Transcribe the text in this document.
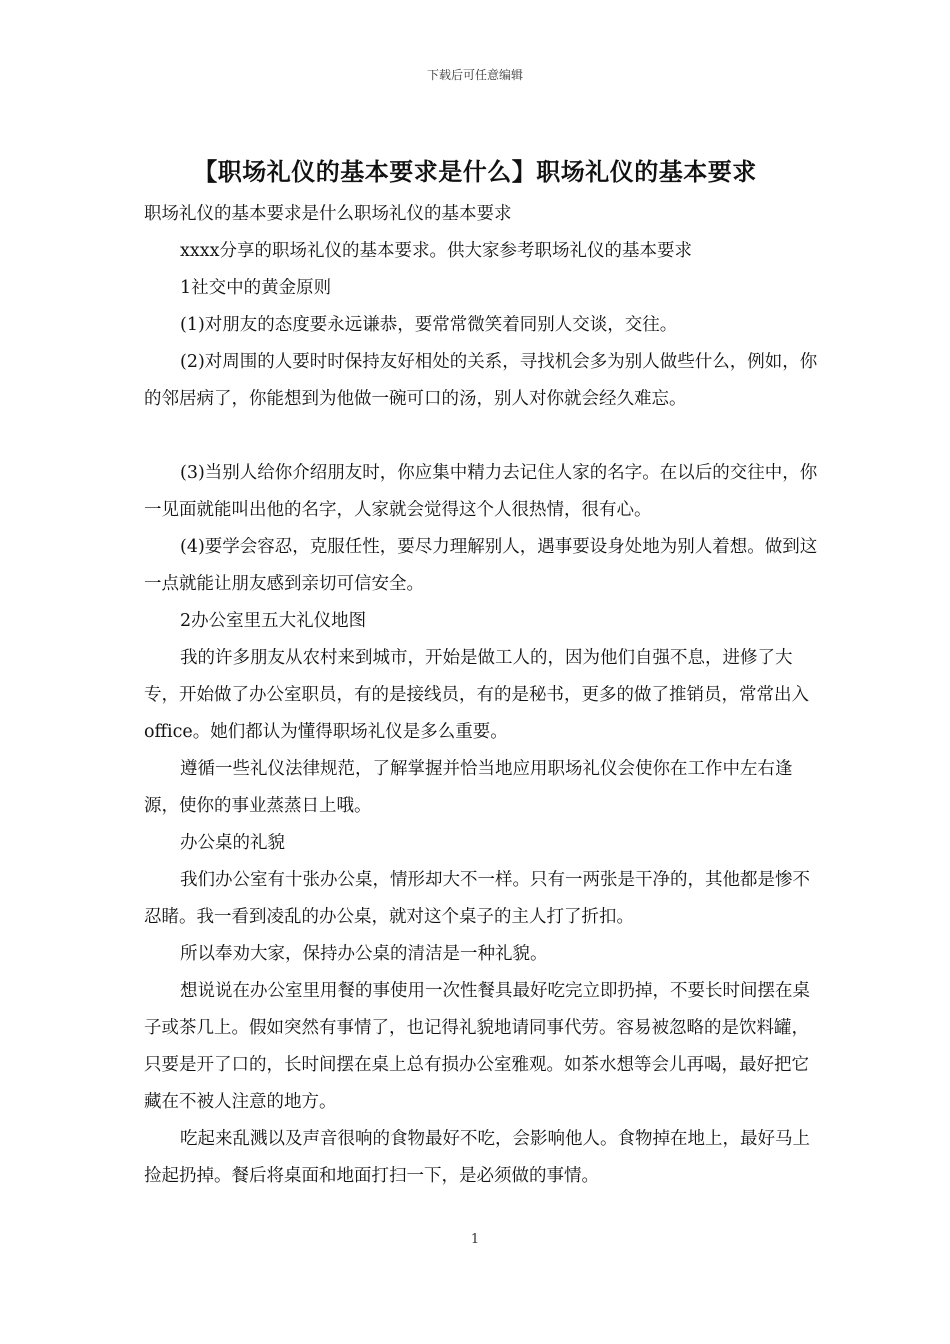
下载后可任意编辑
【职场礼仪的基本要求是什么】职场礼仪的基本要求

职场礼仪的基本要求是什么职场礼仪的基本要求

xxxx分享的职场礼仪的基本要求。供大家参考职场礼仪的基本要求

1社交中的黄金原则

(1)对朋友的态度要永远谦恭，要常常微笑着同别人交谈，交往。

(2)对周围的人要时时保持友好相处的关系，寻找机会多为别人做些什么，例如，你的邻居病了，你能想到为他做一碗可口的汤，别人对你就会经久难忘。

(3)当别人给你介绍朋友时，你应集中精力去记住人家的名字。在以后的交往中，你一见面就能叫出他的名字，人家就会觉得这个人很热情，很有心。

(4)要学会容忍，克服任性，要尽力理解别人，遇事要设身处地为别人着想。做到这一点就能让朋友感到亲切可信安全。

2办公室里五大礼仪地图

我的许多朋友从农村来到城市，开始是做工人的，因为他们自强不息，进修了大专，开始做了办公室职员，有的是接线员，有的是秘书，更多的做了推销员，常常出入office。她们都认为懂得职场礼仪是多么重要。

遵循一些礼仪法律规范，了解掌握并恰当地应用职场礼仪会使你在工作中左右逢源，使你的事业蒸蒸日上哦。

办公桌的礼貌

我们办公室有十张办公桌，情形却大不一样。只有一两张是干净的，其他都是惨不忍睹。我一看到凌乱的办公桌，就对这个桌子的主人打了折扣。

所以奉劝大家，保持办公桌的清洁是一种礼貌。

想说说在办公室里用餐的事使用一次性餐具最好吃完立即扔掉，不要长时间摆在桌子或茶几上。假如突然有事情了，也记得礼貌地请同事代劳。容易被忽略的是饮料罐，只要是开了口的，长时间摆在桌上总有损办公室雅观。如茶水想等会儿再喝，最好把它藏在不被人注意的地方。

吃起来乱溅以及声音很响的食物最好不吃，会影响他人。食物掉在地上，最好马上捡起扔掉。餐后将桌面和地面打扫一下，是必须做的事情。

1
